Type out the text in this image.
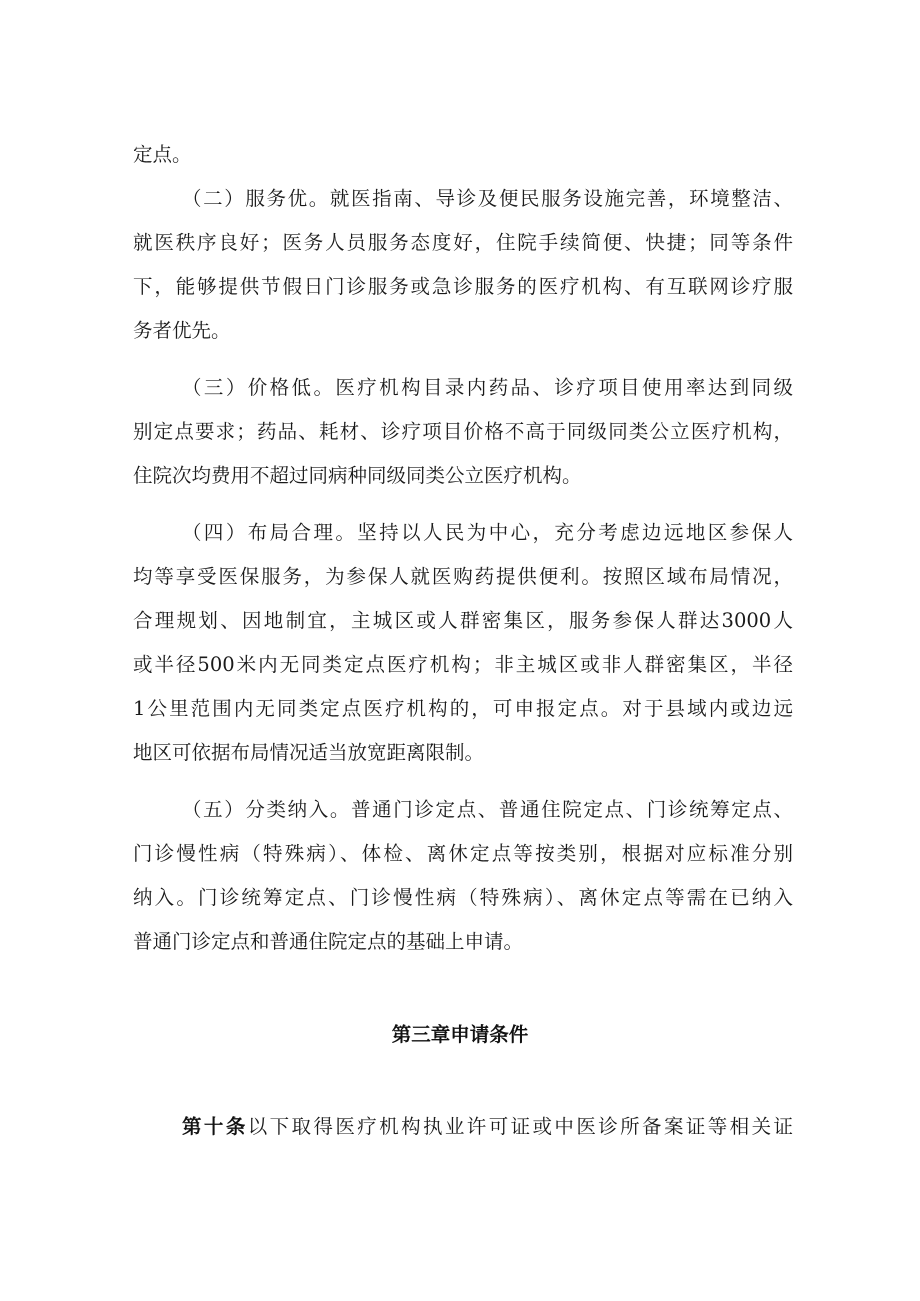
定点。
（二）服务优。就医指南、导诊及便民服务设施完善，环境整洁、
就医秩序良好；医务人员服务态度好，住院手续简便、快捷；同等条件
下，能够提供节假日门诊服务或急诊服务的医疗机构、有互联网诊疗服
务者优先。
（三）价格低。医疗机构目录内药品、诊疗项目使用率达到同级
别定点要求；药品、耗材、诊疗项目价格不高于同级同类公立医疗机构，
住院次均费用不超过同病种同级同类公立医疗机构。
（四）布局合理。坚持以人民为中心，充分考虑边远地区参保人
均等享受医保服务，为参保人就医购药提供便利。按照区域布局情况，
合理规划、因地制宜，主城区或人群密集区，服务参保人群达3000人
或半径500米内无同类定点医疗机构；非主城区或非人群密集区，半径
1公里范围内无同类定点医疗机构的，可申报定点。对于县域内或边远
地区可依据布局情况适当放宽距离限制。
（五）分类纳入。普通门诊定点、普通住院定点、门诊统筹定点、
门诊慢性病（特殊病）、体检、离休定点等按类别，根据对应标准分别
纳入。门诊统筹定点、门诊慢性病（特殊病）、离休定点等需在已纳入
普通门诊定点和普通住院定点的基础上申请。
第三章申请条件
第十条以下取得医疗机构执业许可证或中医诊所备案证等相关证
